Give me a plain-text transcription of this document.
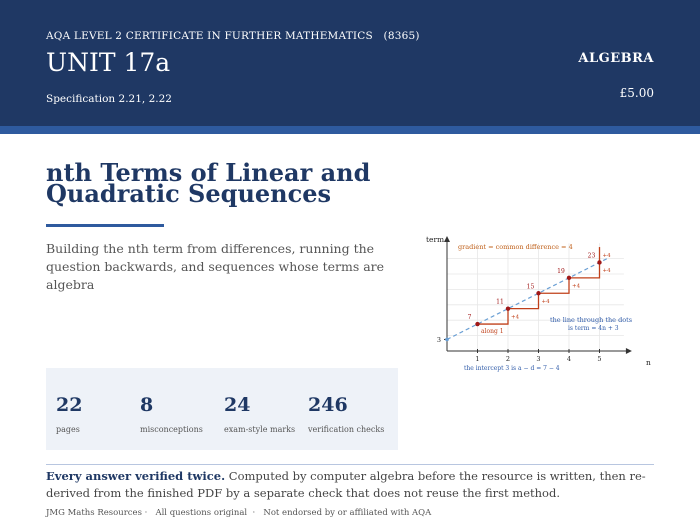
AQA LEVEL 2 CERTIFICATE IN FURTHER MATHEMATICS (8365)
UNIT 17a
Specification 2.21, 2.22
ALGEBRA
£5.00
nth Terms of Linear and Quadratic Sequences

Building the nth term from differences, running the question backwards, and sequences whose terms are algebra

22
pages
8
misconceptions
24
exam-style marks
246
verification checks
term
n
1	2	3	4	5
3
+4
+4
+4
+4
+4
7
11
15
19
23
gradient = common difference = 4
the line through the dots
is term = 4n + 3
the intercept 3 is a − d = 7 − 4
along 1

Every answer verified twice. Computed by computer algebra before the resource is written, then re-derived from the finished PDF by a separate check that does not reuse the first method.

JMG Maths Resources ·   All questions original  ·   Not endorsed by or affiliated with AQA
